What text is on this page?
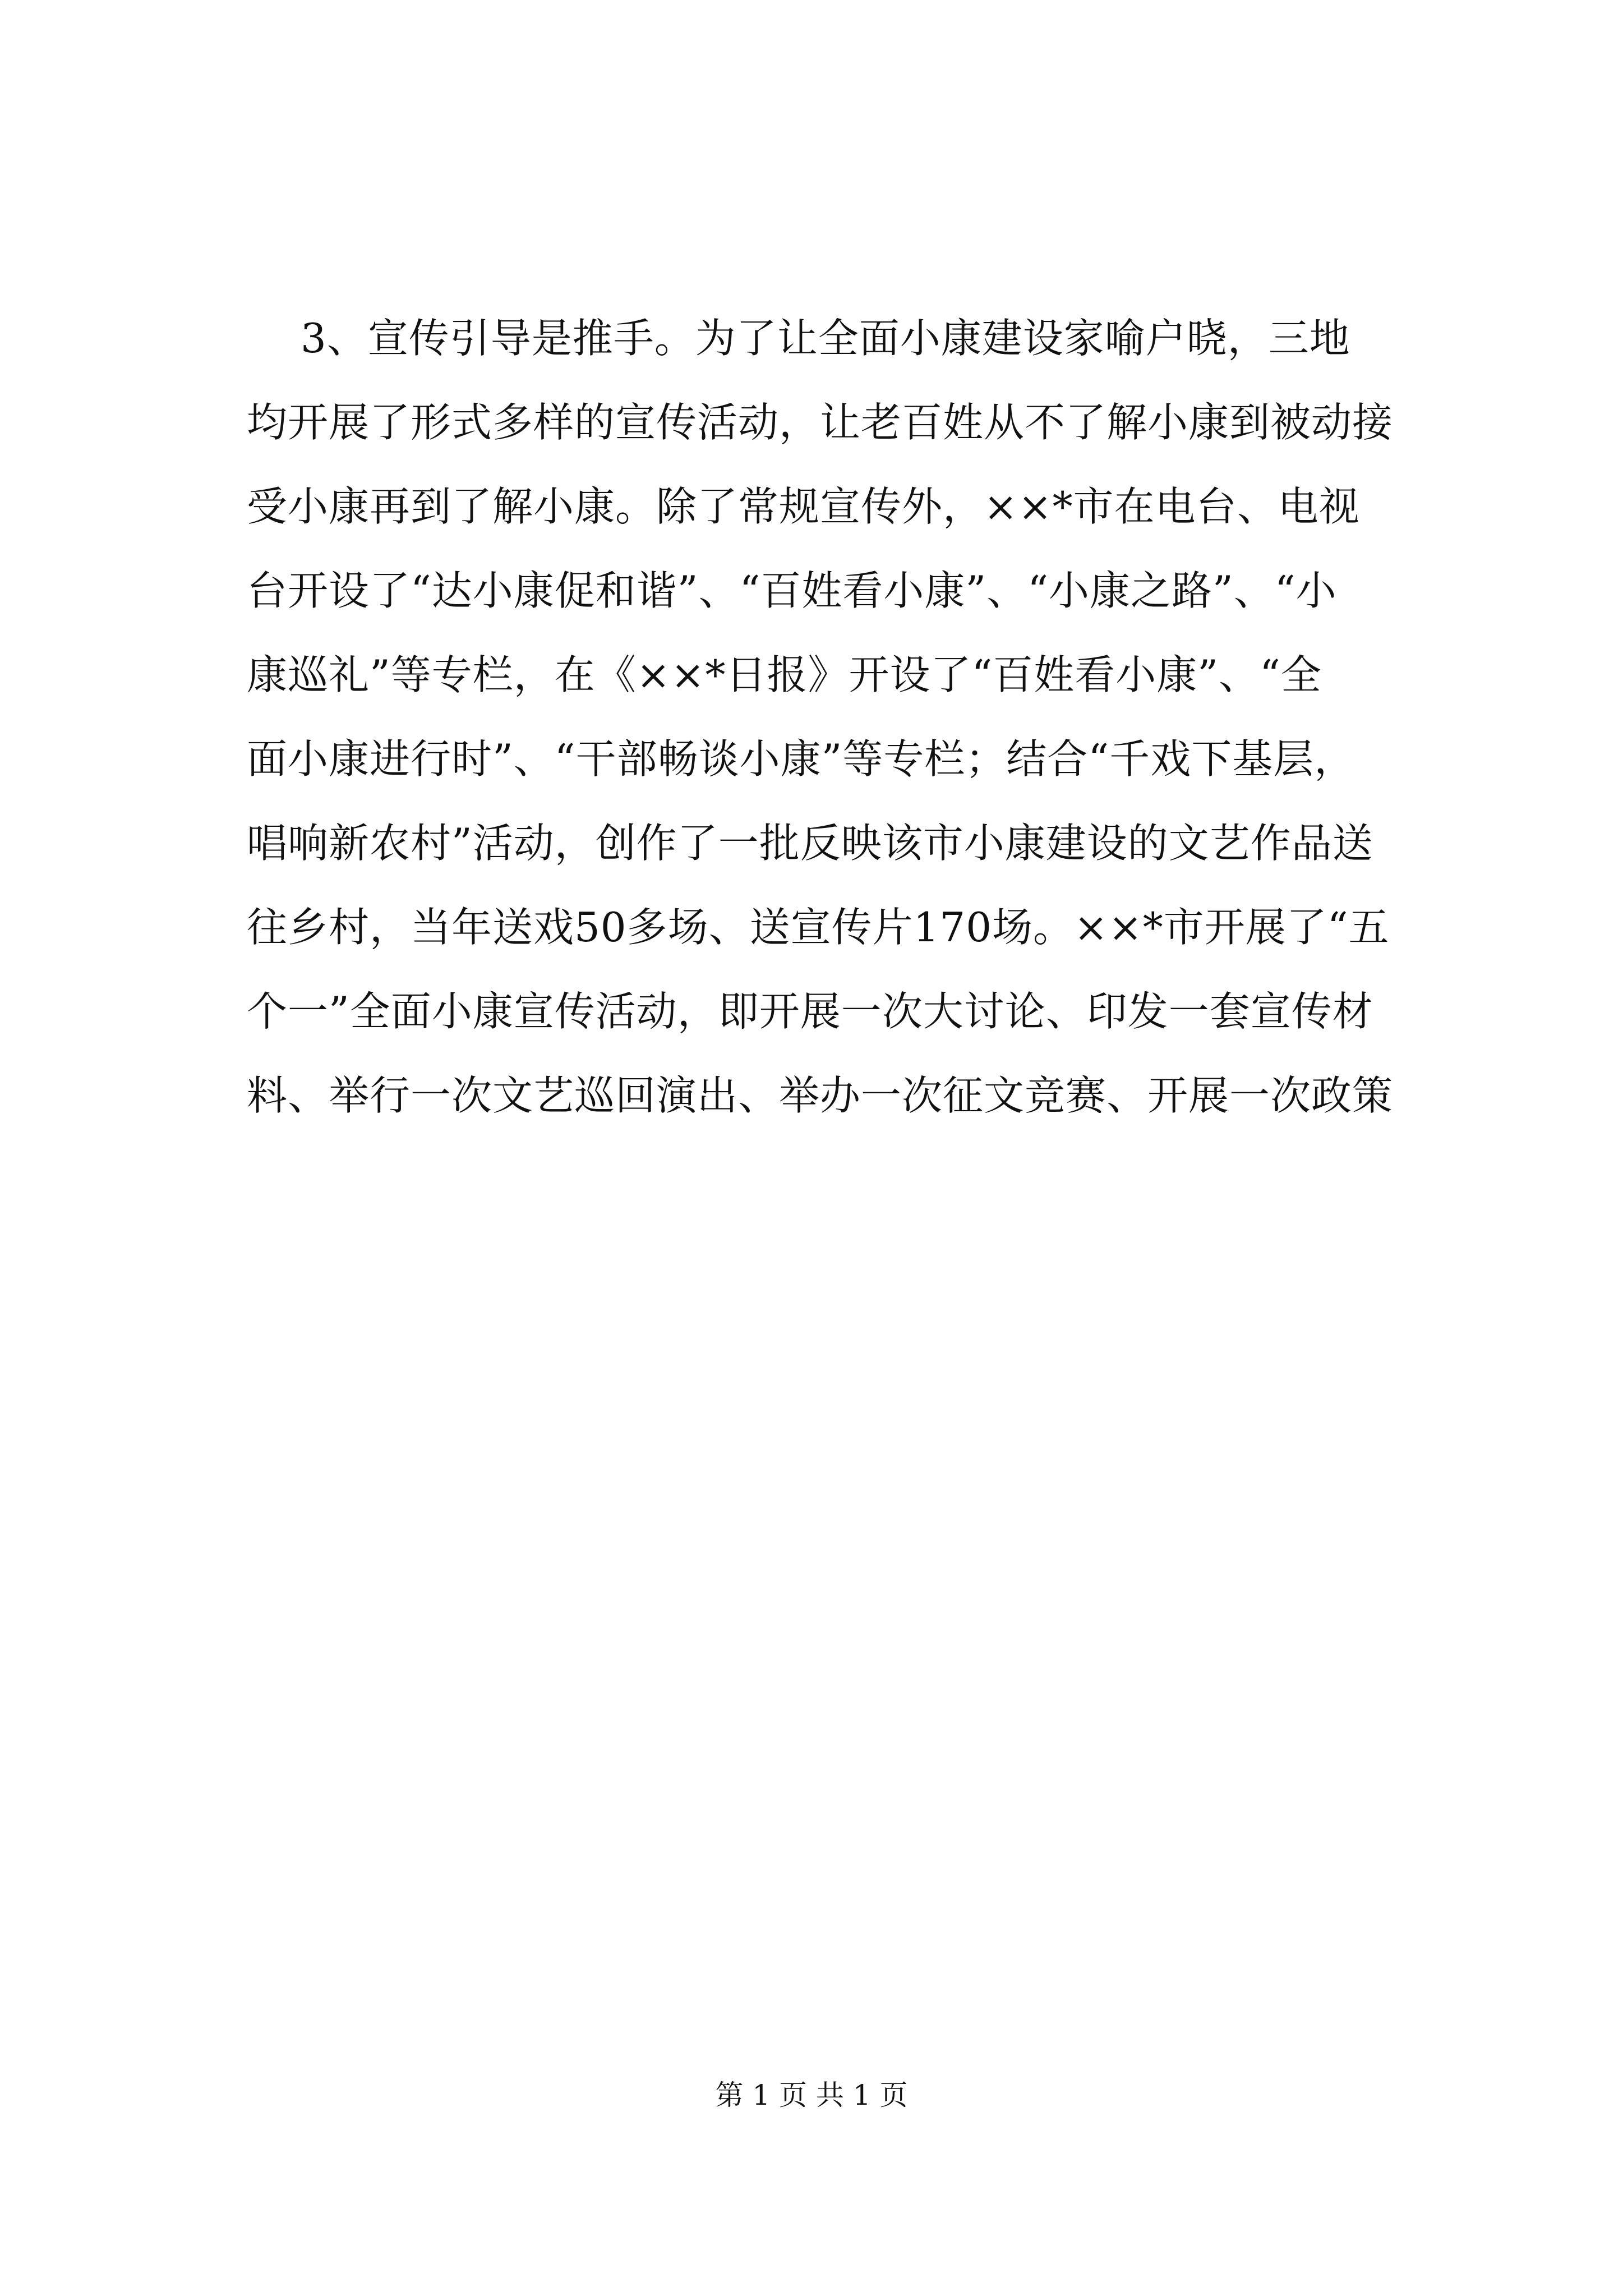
3、宣传引导是推手。为了让全面小康建设家喻户晓，三地
均开展了形式多样的宣传活动，让老百姓从不了解小康到被动接
受小康再到了解小康。除了常规宣传外，××*市在电台、电视
台开设了“达小康促和谐”、“百姓看小康”、“小康之路”、“小
康巡礼”等专栏，在《××*日报》开设了“百姓看小康”、“全
面小康进行时”、“干部畅谈小康”等专栏；结合“千戏下基层，
唱响新农村”活动，创作了一批反映该市小康建设的文艺作品送
往乡村，当年送戏50多场、送宣传片170场。××*市开展了“五
个一”全面小康宣传活动，即开展一次大讨论、印发一套宣传材
料、举行一次文艺巡回演出、举办一次征文竞赛、开展一次政策
第 1 页 共 1 页
